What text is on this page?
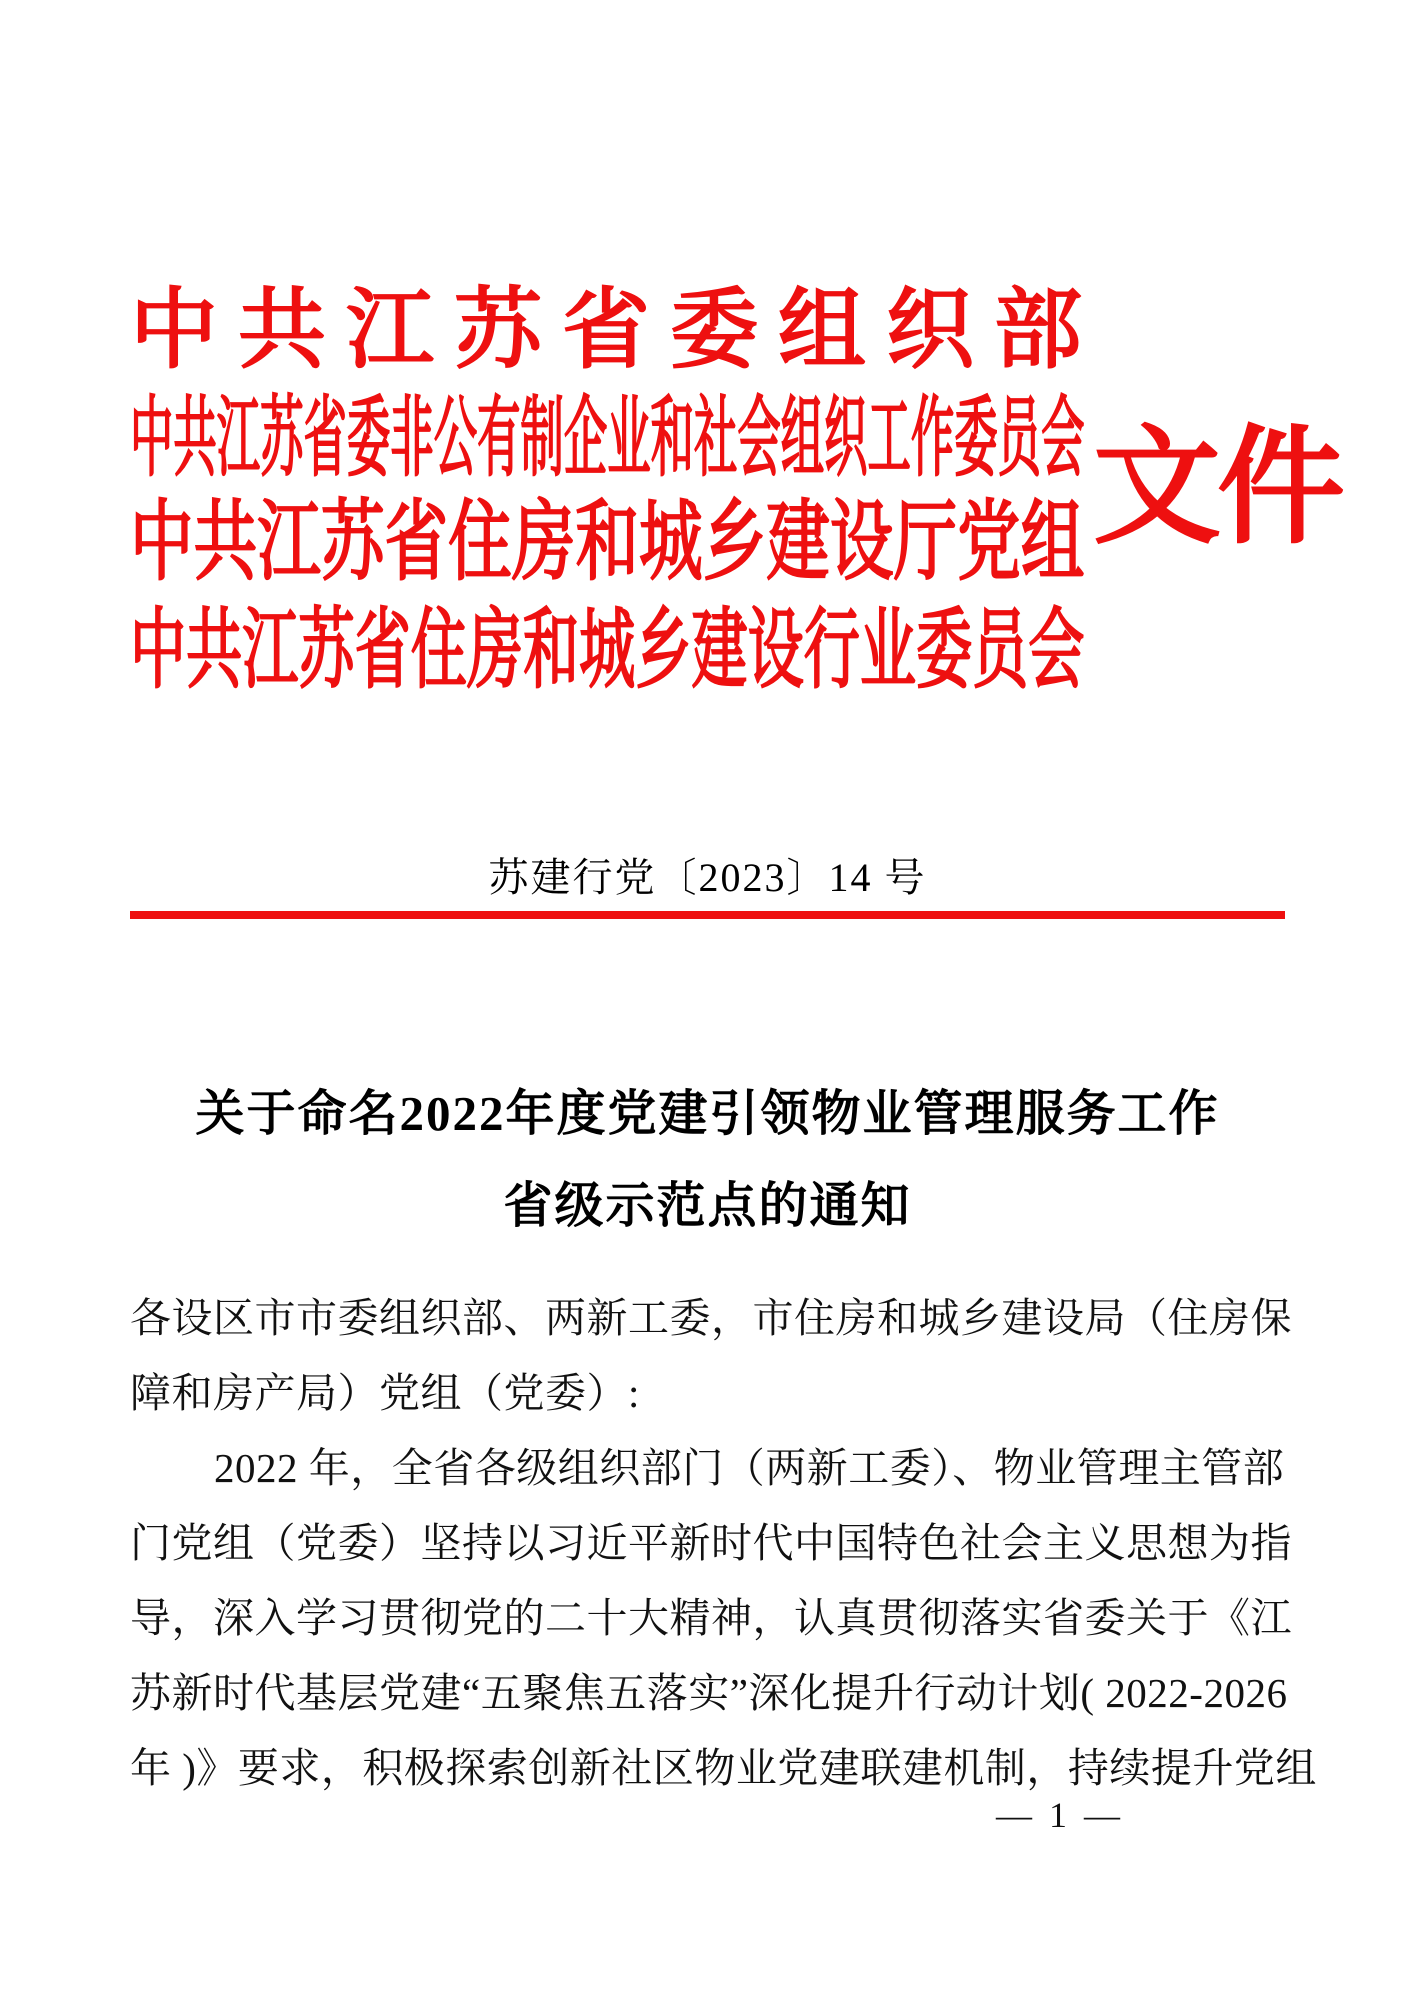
中共江苏省委组织部
中共江苏省委非公有制企业和社会组织工作委员会
中共江苏省住房和城乡建设厅党组
中共江苏省住房和城乡建设行业委员会
文件
苏建行党〔2023〕14 号
关于命名2022年度党建引领物业管理服务工作
省级示范点的通知
各设区市市委组织部、两新工委，市住房和城乡建设局（住房保
障和房产局）党组（党委）:
2022 年，全省各级组织部门（两新工委）、物业管理主管部
门党组（党委）坚持以习近平新时代中国特色社会主义思想为指
导，深入学习贯彻党的二十大精神，认真贯彻落实省委关于《江
苏新时代基层党建“五聚焦五落实”深化提升行动计划( 2022-2026
年 )》要求，积极探索创新社区物业党建联建机制，持续提升党组
— 1 —
